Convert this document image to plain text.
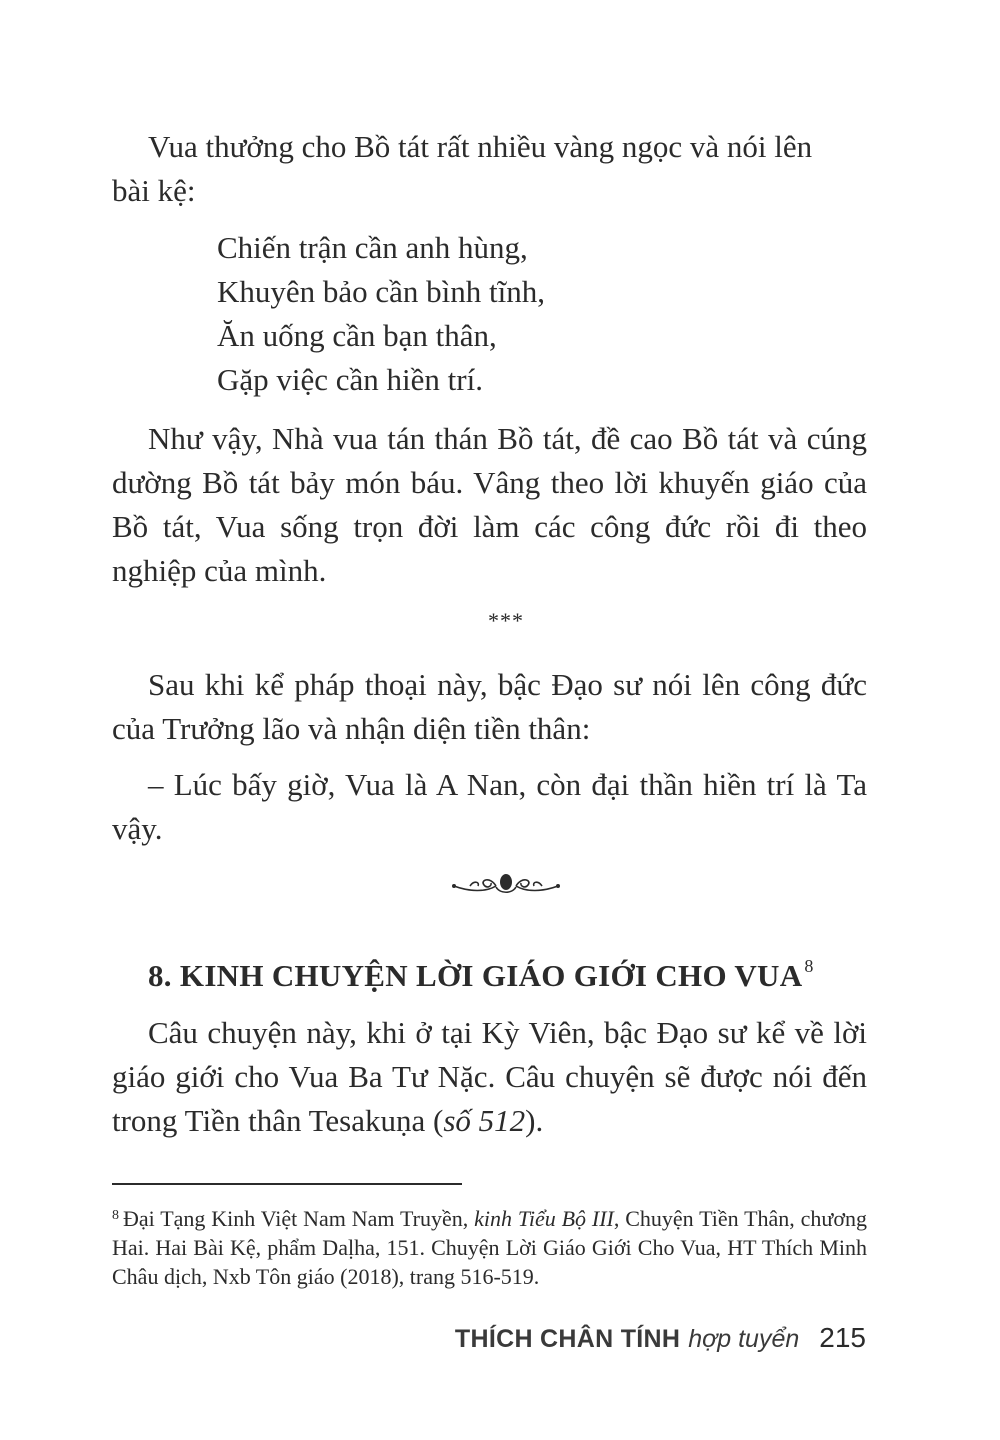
Vua thưởng cho Bồ tát rất nhiều vàng ngọc và nói lên
bài kệ:
Chiến trận cần anh hùng,
Khuyên bảo cần bình tĩnh,
Ăn uống cần bạn thân,
Gặp việc cần hiền trí.

Như vậy, Nhà vua tán thán Bồ tát, đề cao Bồ tát và cúng dường Bồ tát bảy món báu. Vâng theo lời khuyến giáo của Bồ tát, Vua sống trọn đời làm các công đức rồi đi theo nghiệp của mình.

***

Sau khi kể pháp thoại này, bậc Đạo sư nói lên công đức của Trưởng lão và nhận diện tiền thân:

– Lúc bấy giờ, Vua là A Nan, còn đại thần hiền trí là Ta vậy.

8. KINH CHUYỆN LỜI GIÁO GIỚI CHO VUA $^8$

Câu chuyện này, khi ở tại Kỳ Viên, bậc Đạo sư kể về lời giáo giới cho Vua Ba Tư Nặc. Câu chuyện sẽ được nói đến trong Tiền thân Tesakuṇa (số 512).

$^8$ Đại Tạng Kinh Việt Nam Nam Truyền, kinh Tiểu Bộ III, Chuyện Tiền Thân, chương Hai. Hai Bài Kệ, phẩm Daḷha, 151. Chuyện Lời Giáo Giới Cho Vua, HT Thích Minh Châu dịch, Nxb Tôn giáo (2018), trang 516-519.

THÍCH CHÂN TÍNH hợp tuyển 215
